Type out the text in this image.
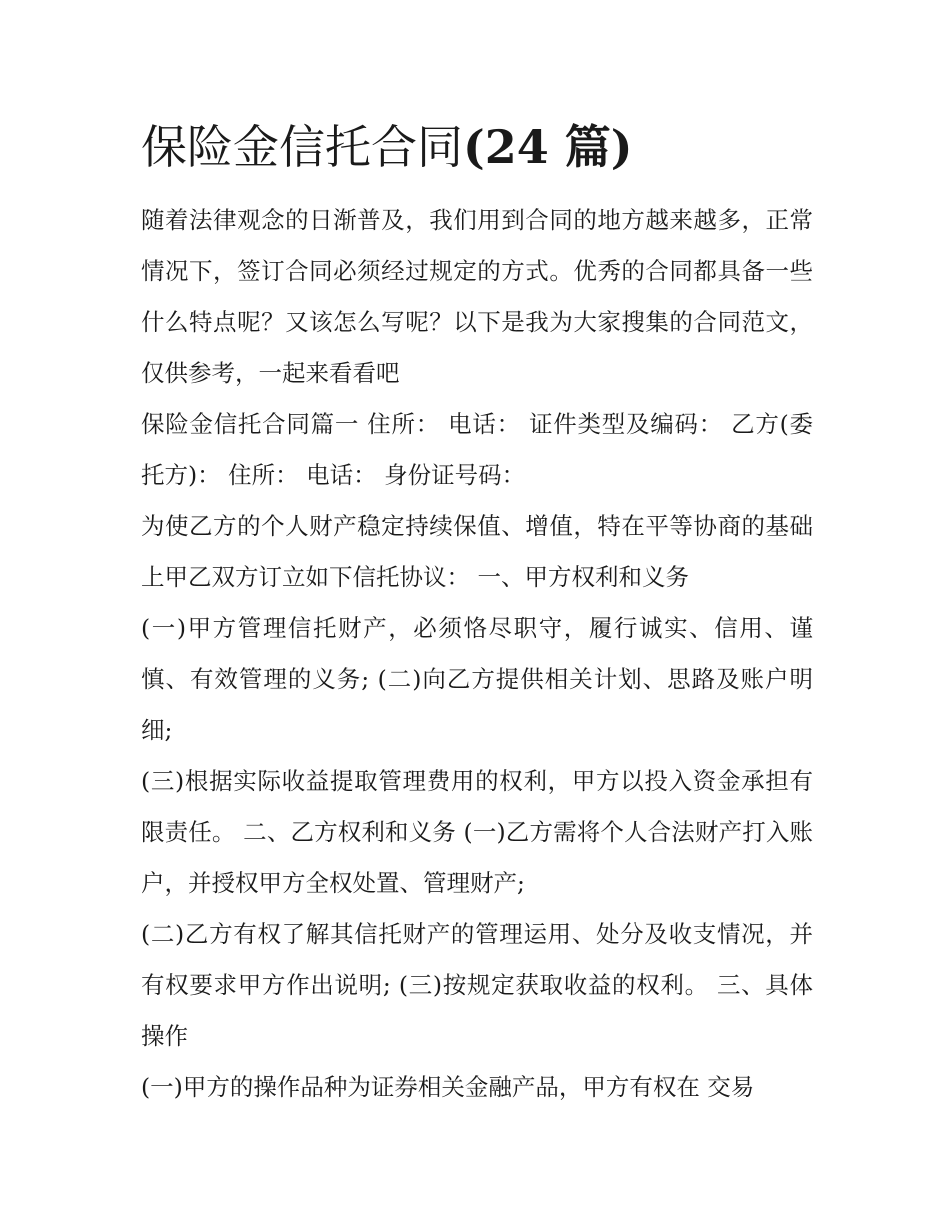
保险金信托合同(24 篇)

随着法律观念的日渐普及，我们用到合同的地方越来越多，正常情况下，签订合同必须经过规定的方式。优秀的合同都具备一些什么特点呢？又该怎么写呢？以下是我为大家搜集的合同范文，仅供参考，一起来看看吧

保险金信托合同篇一 住所： 电话： 证件类型及编码： 乙方(委托方)： 住所： 电话： 身份证号码：

为使乙方的个人财产稳定持续保值、增值，特在平等协商的基础上甲乙双方订立如下信托协议： 一、甲方权利和义务

(一)甲方管理信托财产，必须恪尽职守，履行诚实、信用、谨慎、有效管理的义务; (二)向乙方提供相关计划、思路及账户明细;

(三)根据实际收益提取管理费用的权利，甲方以投入资金承担有限责任。 二、乙方权利和义务 (一)乙方需将个人合法财产打入账户，并授权甲方全权处置、管理财产;

(二)乙方有权了解其信托财产的管理运用、处分及收支情况，并有权要求甲方作出说明; (三)按规定获取收益的权利。 三、具体操作

(一)甲方的操作品种为证券相关金融产品，甲方有权在 交易
